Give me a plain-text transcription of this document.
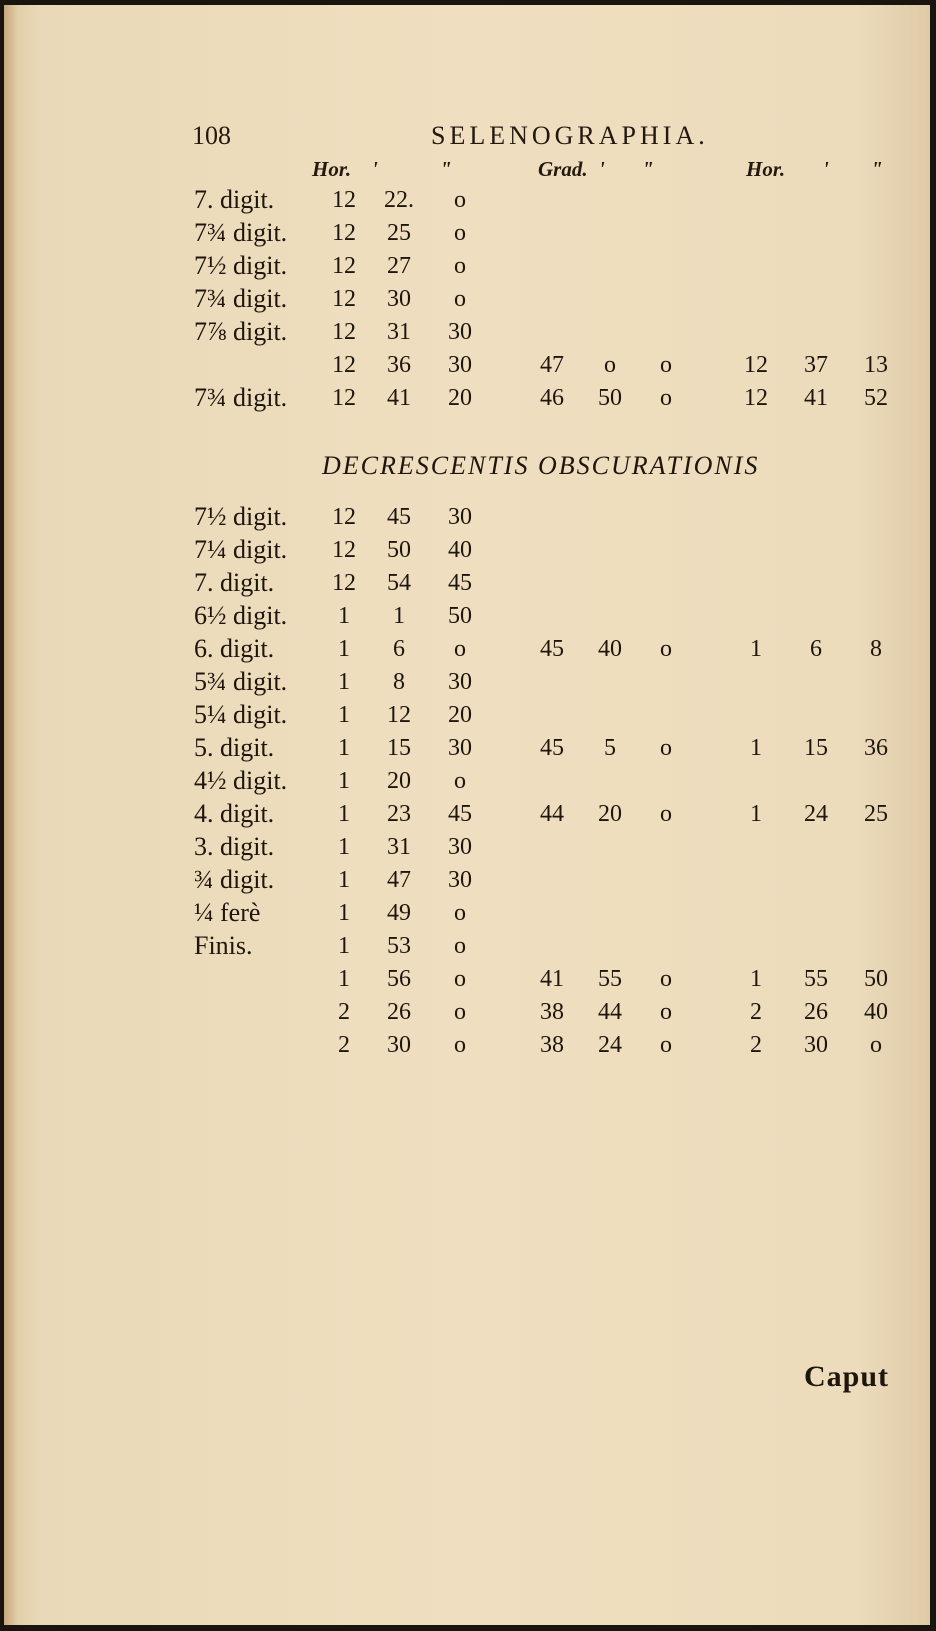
108	SELENOGRAPHIA.
Hor. '	"	Grad. ' "	Hor. ' "
7. digit. 12 22. o
7¾ digit. 12 25 o
7½ digit. 12 27 o
7¾ digit. 12 30 o
7⅞ digit. 12 31 30
12 36 30	47 o o	12 37 13
7¾ digit. 12 41 20	46 50 o	12 41 52
DECRESCENTIS OBSCURATIONIS
7½ digit. 12 45 30
7¼ digit. 12 50 40
7. digit. 12 54 45
6½ digit. 1 1 50
6. digit.	1 6 o	45 40 o	1 6 8
5¾ digit. 1 8 30
5¼ digit. 1 12 20
5. digit.	1 15 30	45 5 o	1 15 36
4½ digit. 1 20 o
4. digit.	1 23 45	44 20 o	1 24 25
3. digit.	1 31 30
¾ digit.	1 47 30
¼ ferè	1 49 o
Finis.	1 53 o
1 56 o	41 55 o	1 55 50
2 26 o	38 44 o	2 26 40
2 30 o	38 24 o	2 30 o
Caput
